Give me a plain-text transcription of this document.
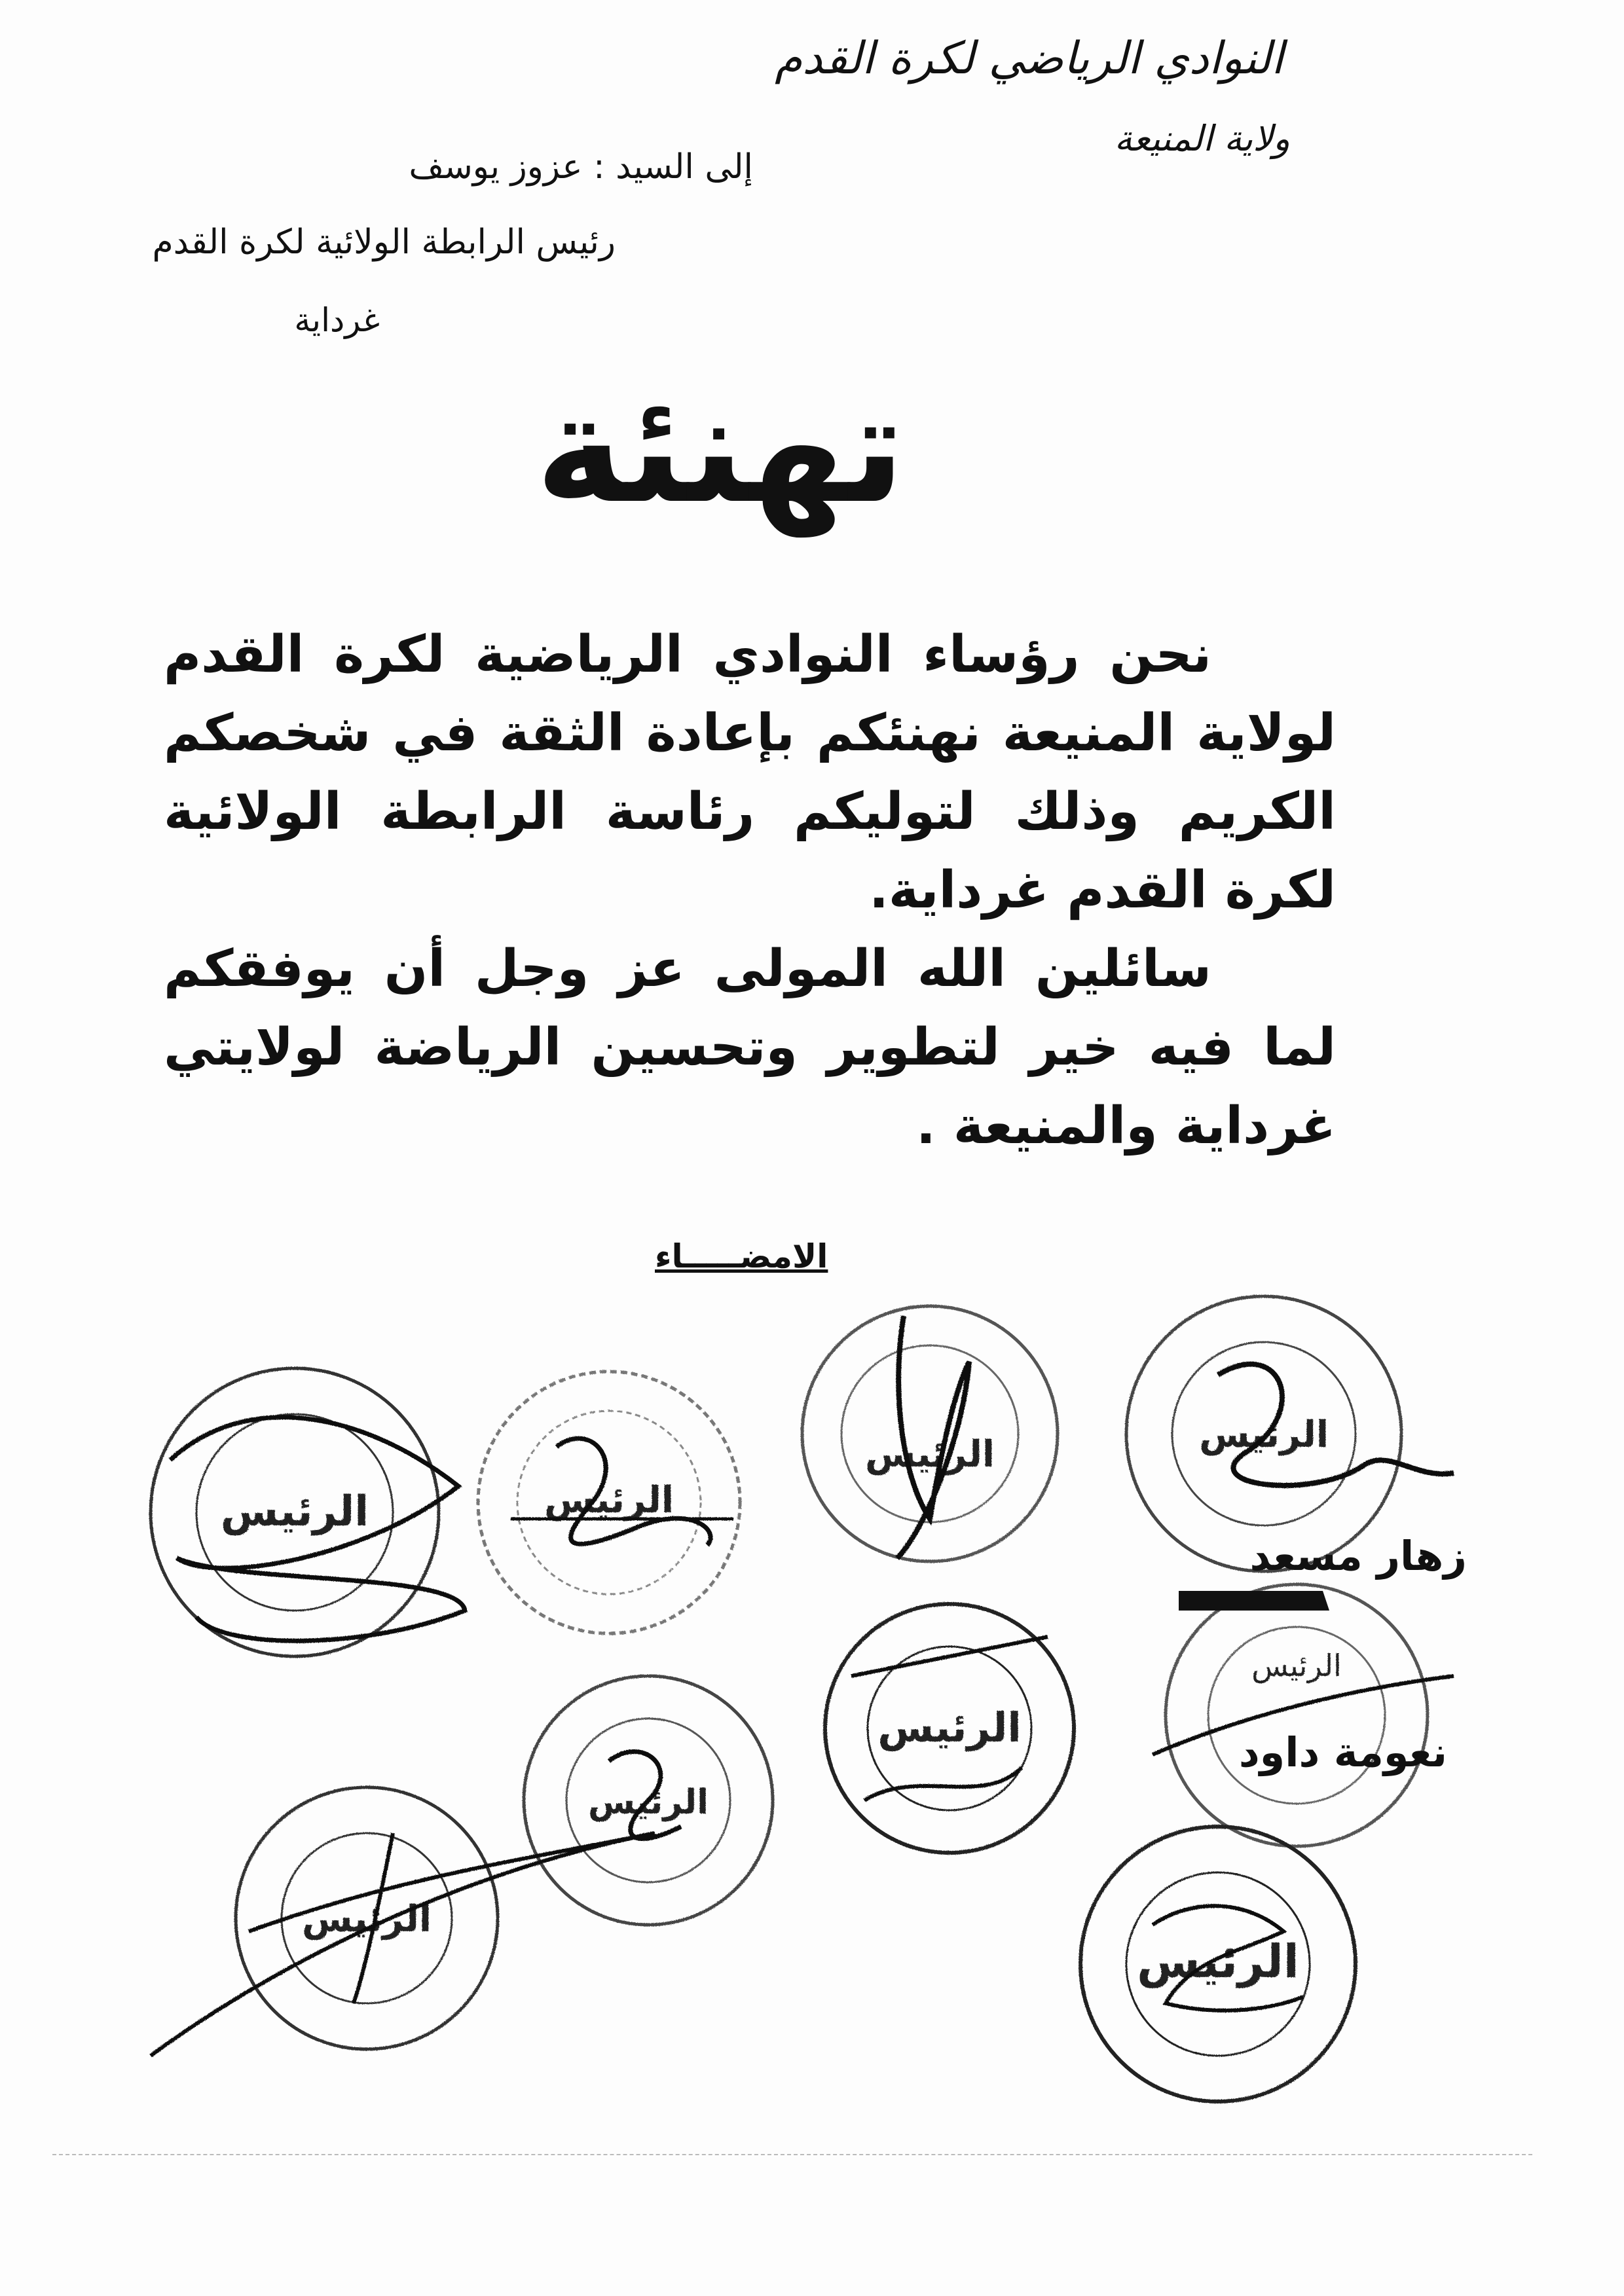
النوادي الرياضي لكرة القدم
ولاية المنيعة
إلى السيد : عزوز يوسف
رئيس الرابطة الولائية لكرة القدم
غرداية
تهنئة

نحن رؤساء النوادي الرياضية لكرة القدم لولاية المنيعة نهنئكم بإعادة الثقة في شخصكم الكريم وذلك لتوليكم رئاسة الرابطة الولائية لكرة القدم غرداية.

سائلين الله المولى عز وجل أن يوفقكم لما فيه خير لتطوير وتحسين الرياضة لولايتي غرداية والمنيعة .

الامضـــــاء
الرئيس	الرئيس
الرئيس	الرئيس
الرئيس
الرئيس
الرئيس
الرئيس
الرئيس
زهار مسعد
نعومة داود
